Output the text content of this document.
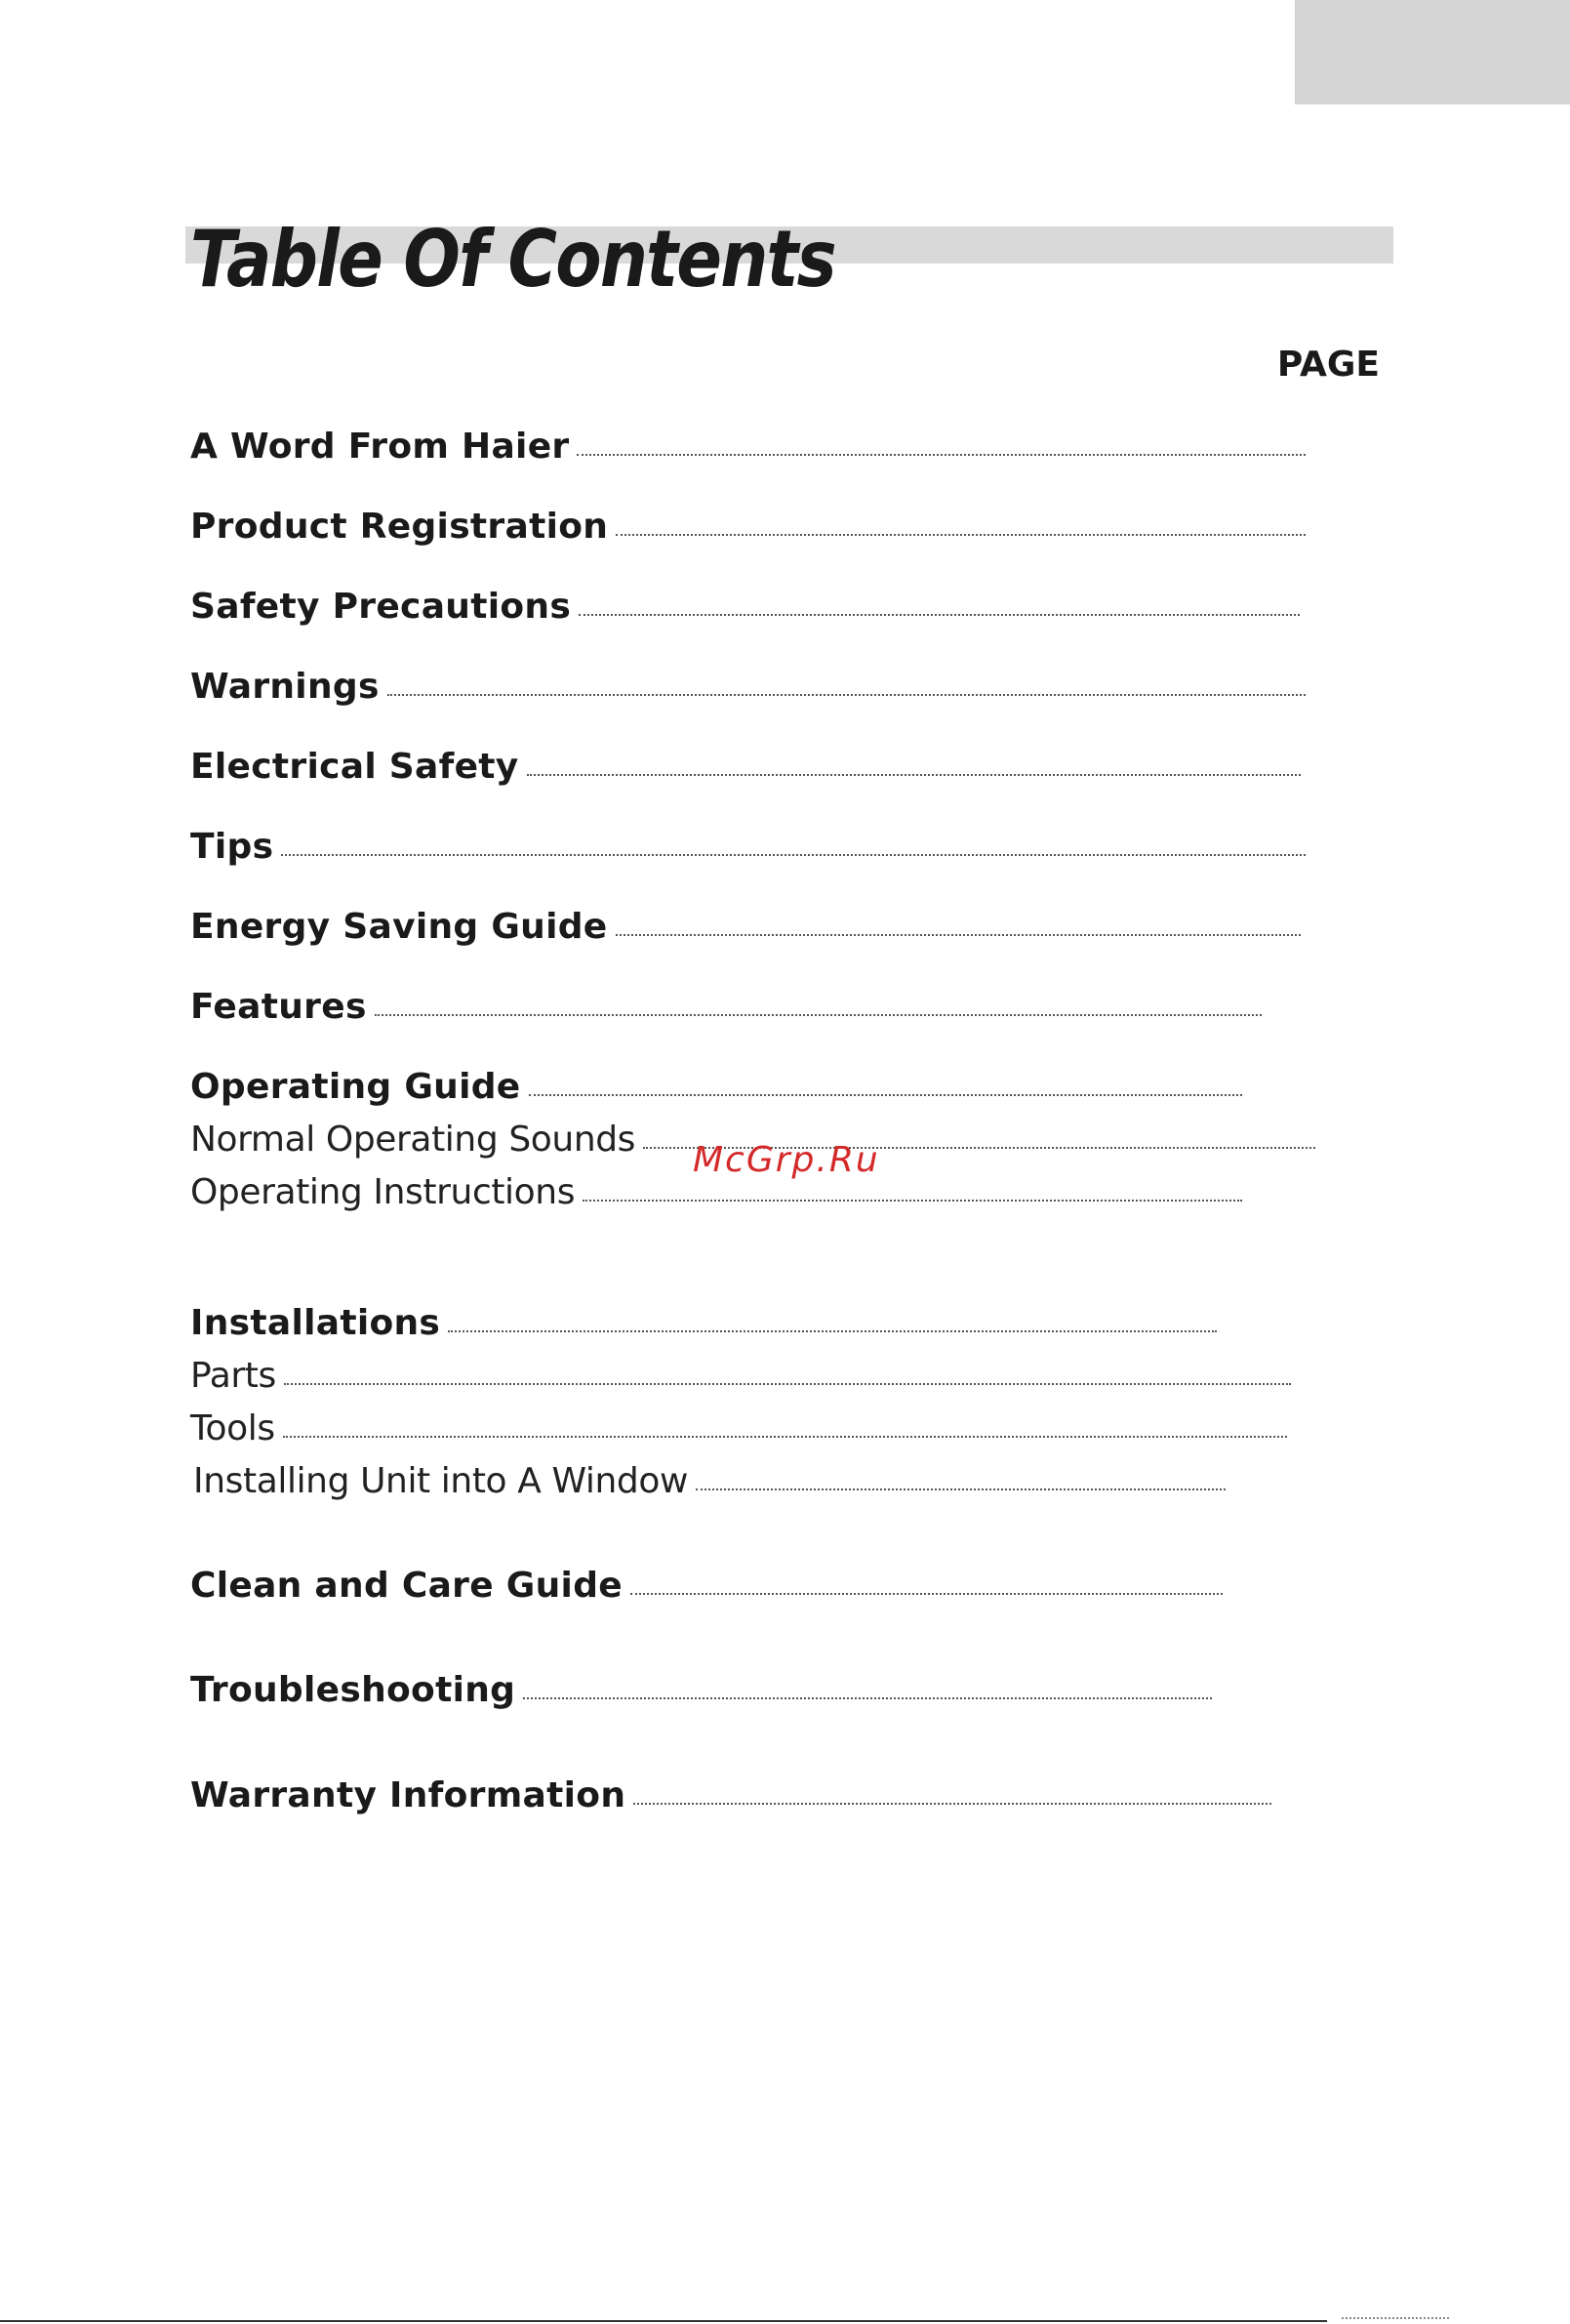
Table Of Contents
PAGE
A Word From Haier
Product Registration
Safety Precautions
Warnings
Electrical Safety
Tips
Energy Saving Guide
Features
Operating Guide
Normal Operating Sounds
Operating Instructions
Installations
Parts
Tools
Installing Unit into A Window
Clean and Care Guide
Troubleshooting
Warranty Information
McGrp.Ru
